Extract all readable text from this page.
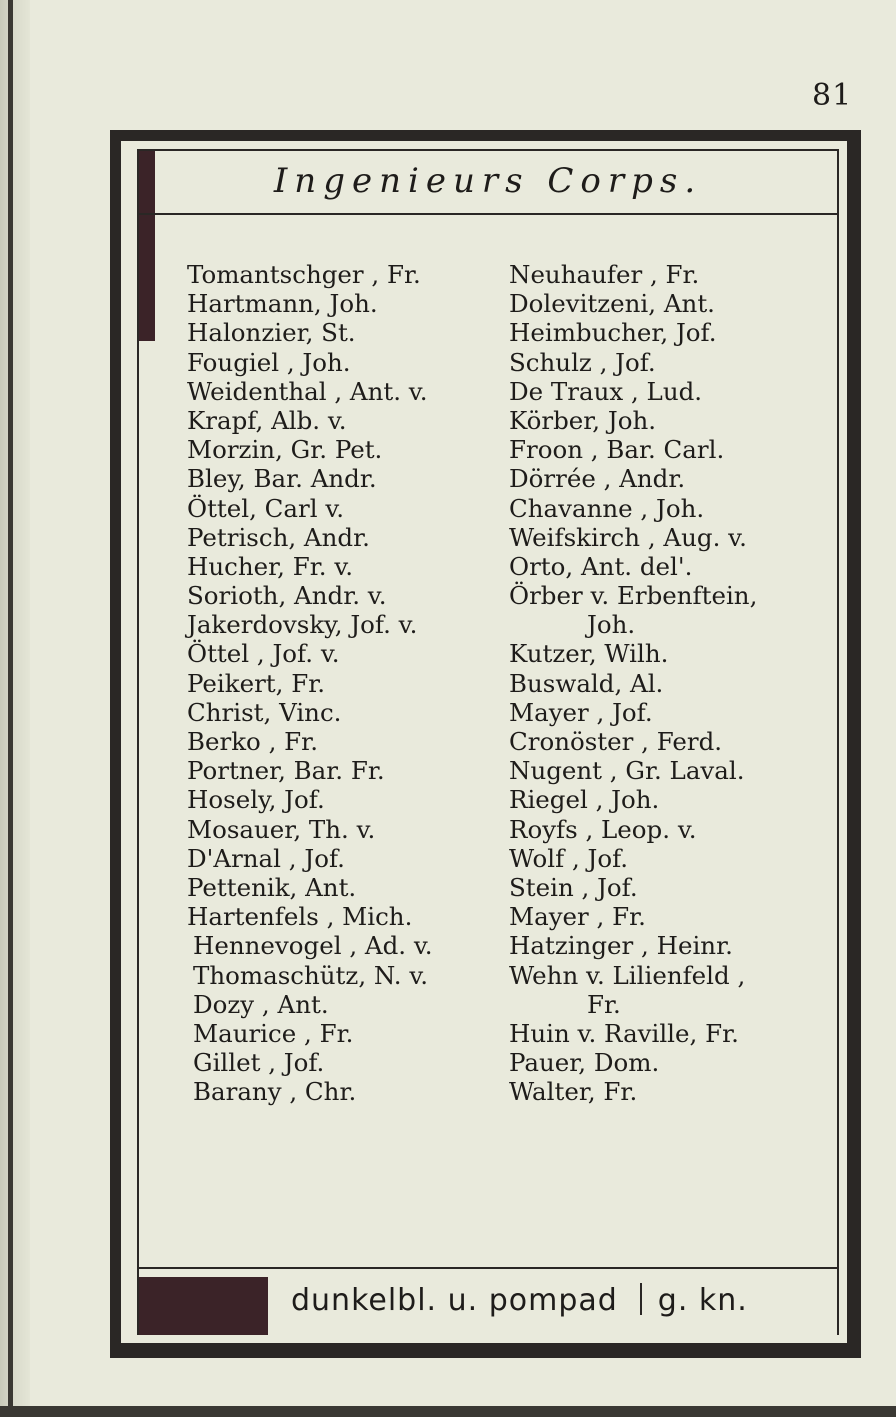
81
Ingenieurs Corps.
Tomantschger , Fr.
Hartmann, Joh.
Halonzier, St.
Fougiel , Joh.
Weidenthal , Ant. v.
Krapf, Alb. v.
Morzin, Gr. Pet.
Bley, Bar. Andr.
Öttel, Carl v.
Petrisch, Andr.
Hucher, Fr. v.
Sorioth, Andr. v.
Jakerdovsky, Jof. v.
Öttel , Jof. v.
Peikert, Fr.
Christ, Vinc.
Berko , Fr.
Portner, Bar. Fr.
Hosely, Jof.
Mosauer, Th. v.
D'Arnal , Jof.
Pettenik, Ant.
Hartenfels , Mich.
Hennevogel , Ad. v.
Thomaschütz, N. v.
Dozy , Ant.
Maurice , Fr.
Gillet , Jof.
Barany , Chr.
Neuhaufer , Fr.
Dolevitzeni, Ant.
Heimbucher, Jof.
Schulz , Jof.
De Traux , Lud.
Körber, Joh.
Froon , Bar. Carl.
Dörrée , Andr.
Chavanne , Joh.
Weifskirch , Aug. v.
Orto, Ant. del'.
Örber v. Erbenftein,
Joh.
Kutzer, Wilh.
Buswald, Al.
Mayer , Jof.
Cronöster , Ferd.
Nugent , Gr. Laval.
Riegel , Joh.
Royfs , Leop. v.
Wolf , Jof.
Stein , Jof.
Mayer , Fr.
Hatzinger , Heinr.
Wehn v. Lilienfeld ,
Fr.
Huin v. Raville, Fr.
Pauer, Dom.
Walter, Fr.
dunkelbl. u. pompad g. kn.
